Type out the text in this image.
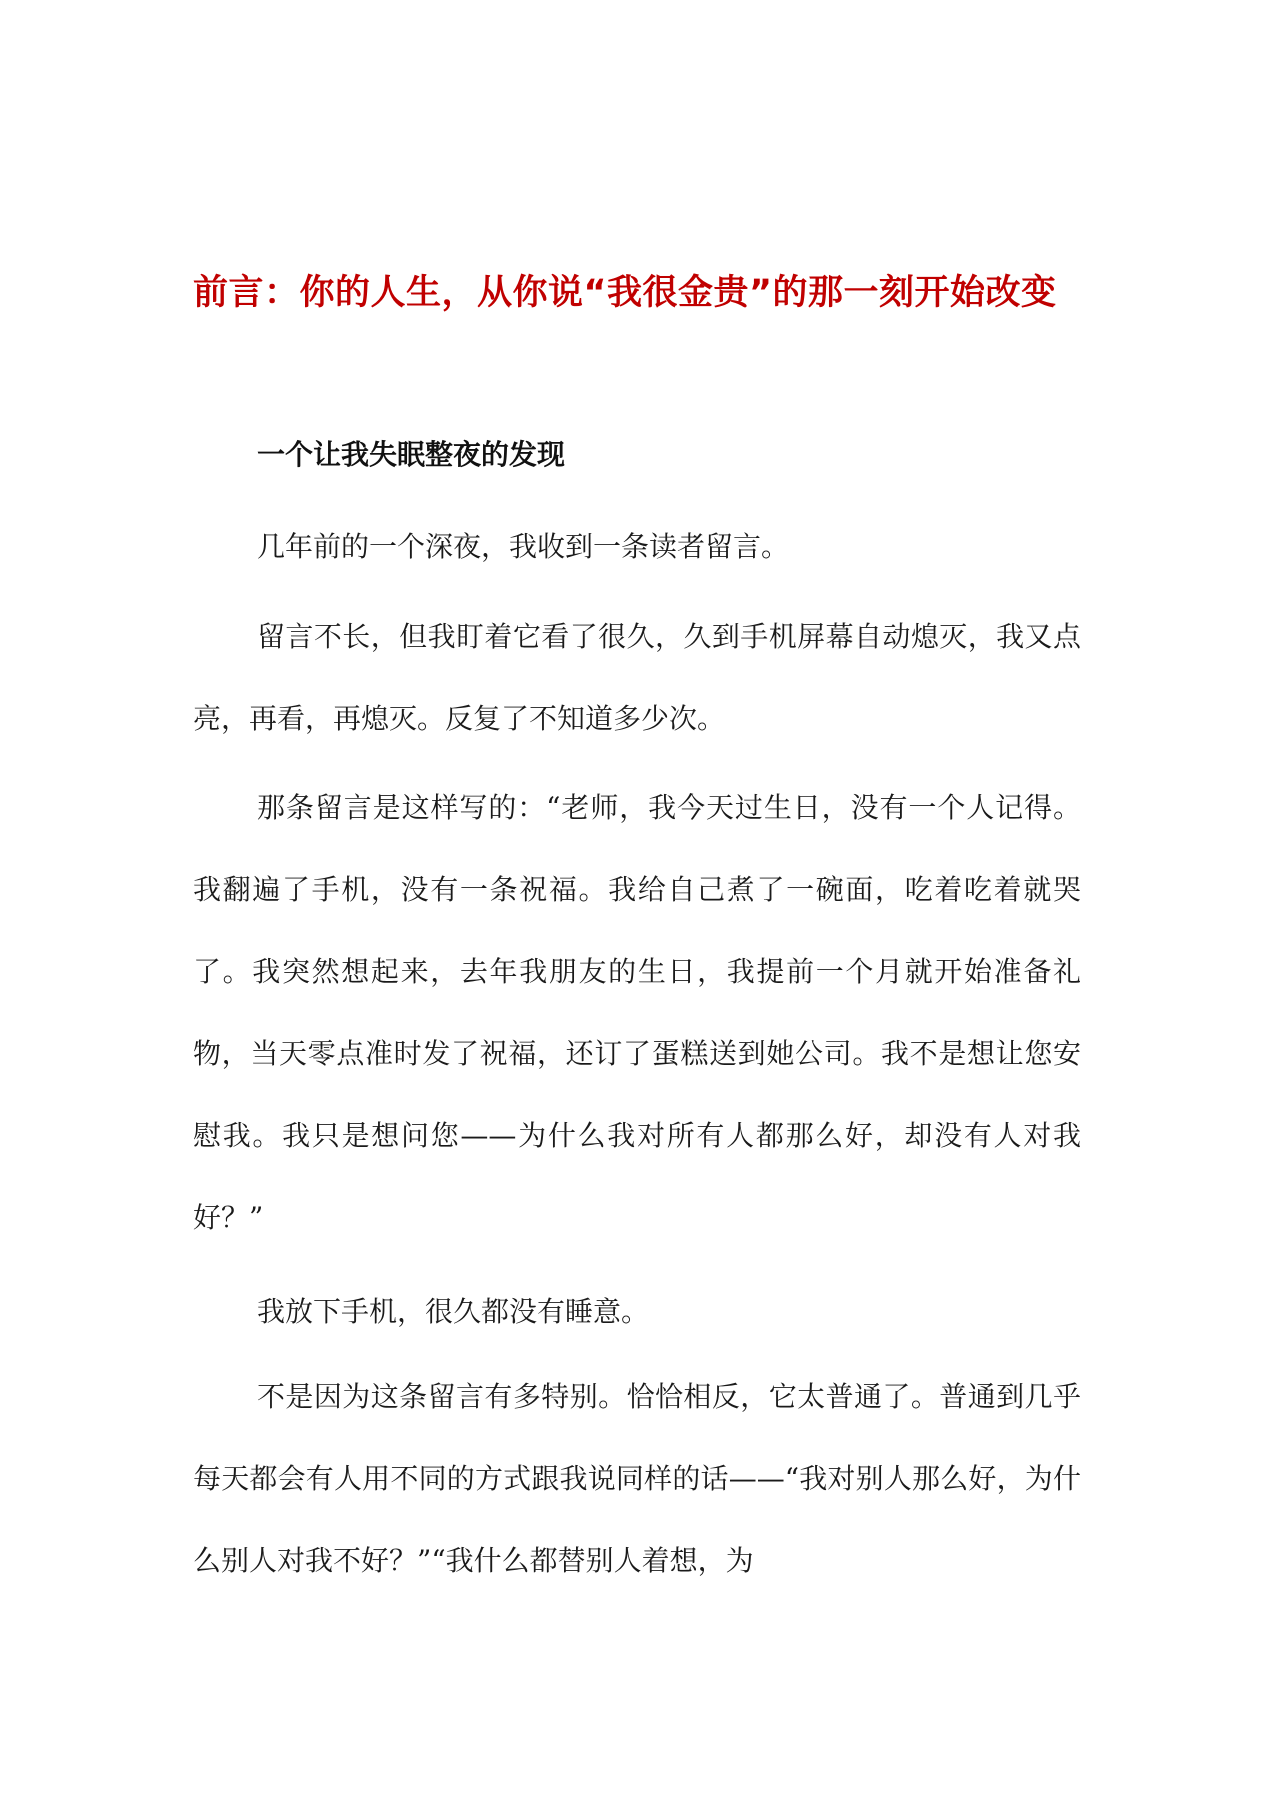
前言：你的人生，从你说“我很金贵”的那一刻开始改变
一个让我失眠整夜的发现

几年前的一个深夜，我收到一条读者留言。

留言不长，但我盯着它看了很久，久到手机屏幕自动熄灭，我又点亮，再看，再熄灭。反复了不知道多少次。

那条留言是这样写的：“老师，我今天过生日，没有一个人记得。我翻遍了手机，没有一条祝福。我给自己煮了一碗面，吃着吃着就哭了。我突然想起来，去年我朋友的生日，我提前一个月就开始准备礼物，当天零点准时发了祝福，还订了蛋糕送到她公司。我不是想让您安慰我。我只是想问您——为什么我对所有人都那么好，却没有人对我好？”

我放下手机，很久都没有睡意。

不是因为这条留言有多特别。恰恰相反，它太普通了。普通到几乎每天都会有人用不同的方式跟我说同样的话——“我对别人那么好，为什么别人对我不好？”“我什么都替别人着想，为
